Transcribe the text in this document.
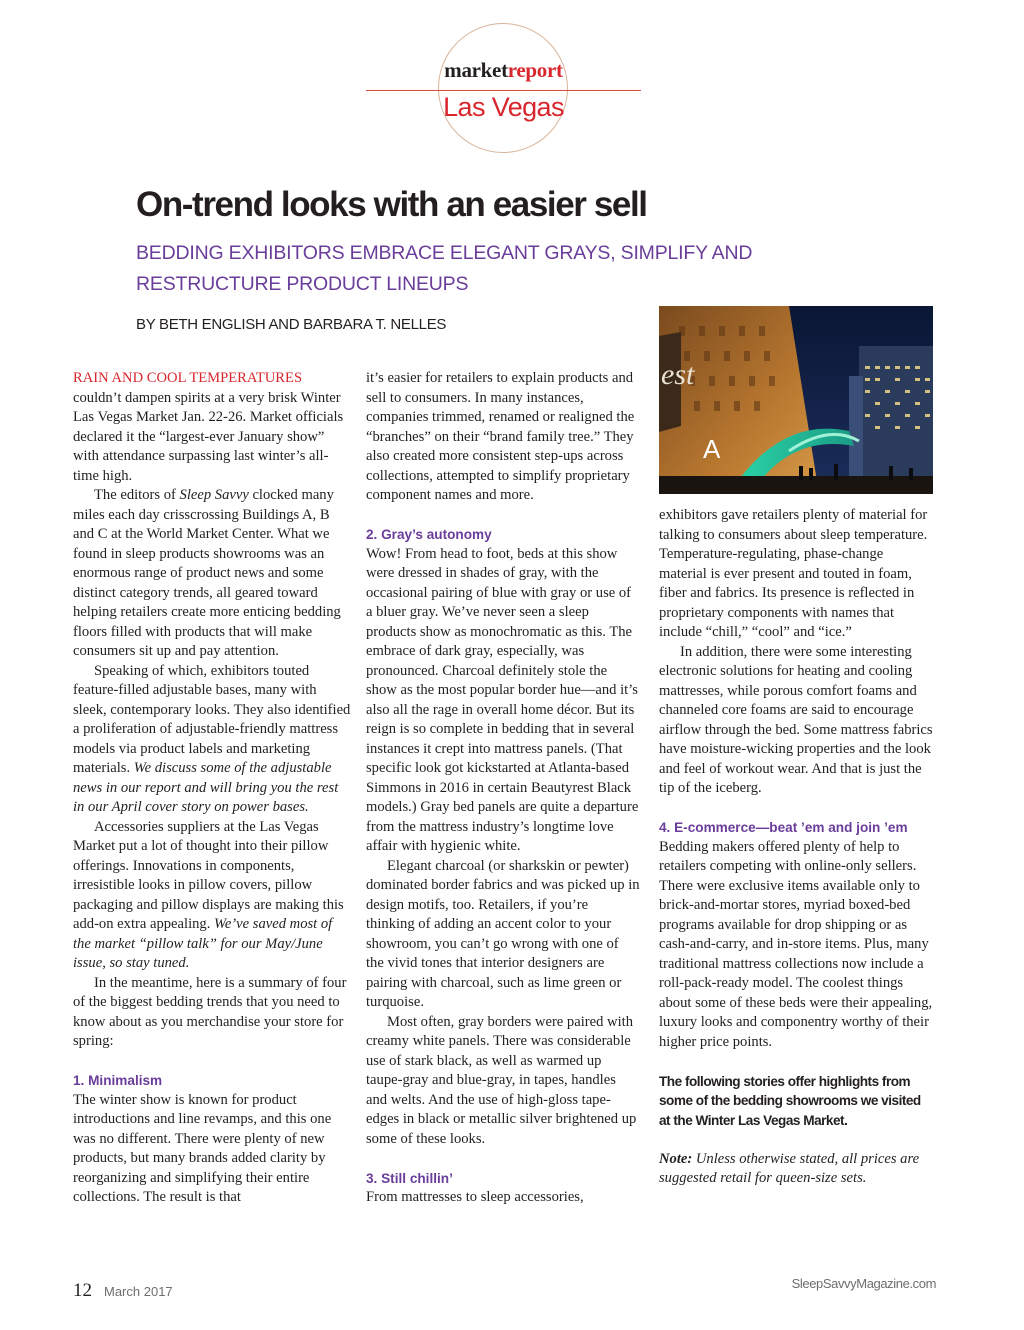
marketreport
Las Vegas
On-trend looks with an easier sell
BEDDING EXHIBITORS EMBRACE ELEGANT GRAYS, SIMPLIFY AND RESTRUCTURE PRODUCT LINEUPS
BY BETH ENGLISH AND BARBARA T. NELLES
est
A

RAIN AND COOL TEMPERATURES couldn’t dampen spirits at a very brisk Winter Las Vegas Market Jan. 22-26. Market officials declared it the “largest-ever January show” with attendance surpassing last winter’s all-time high.

The editors of Sleep Savvy clocked many miles each day crisscrossing Buildings A, B and C at the World Market Center. What we found in sleep products showrooms was an enormous range of product news and some distinct category trends, all geared toward helping retailers create more enticing bedding floors filled with products that will make consumers sit up and pay attention.

Speaking of which, exhibitors touted feature-filled adjustable bases, many with sleek, contemporary looks. They also identified a proliferation of adjustable-friendly mattress models via product labels and marketing materials. We discuss some of the adjustable news in our report and will bring you the rest in our April cover story on power bases.

Accessories suppliers at the Las Vegas Market put a lot of thought into their pillow offerings. Innovations in components, irresistible looks in pillow covers, pillow packaging and pillow displays are making this add-on extra appealing. We’ve saved most of the market “pillow talk” for our May/June issue, so stay tuned.

In the meantime, here is a summary of four of the biggest bedding trends that you need to know about as you merchandise your store for spring:

1. Minimalism

The winter show is known for product introductions and line revamps, and this one was no different. There were plenty of new products, but many brands added clarity by reorganizing and simplifying their entire collections. The result is that

it’s easier for retailers to explain products and sell to consumers. In many instances, companies trimmed, renamed or realigned the “branches” on their “brand family tree.” They also created more consistent step-ups across collections, attempted to simplify proprietary component names and more.

2. Gray’s autonomy

Wow! From head to foot, beds at this show were dressed in shades of gray, with the occasional pairing of blue with gray or use of a bluer gray. We’ve never seen a sleep products show as monochromatic as this. The embrace of dark gray, especially, was pronounced. Charcoal definitely stole the show as the most popular border hue—and it’s also all the rage in overall home décor. But its reign is so complete in bedding that in several instances it crept into mattress panels. (That specific look got kickstarted at Atlanta-based Simmons in 2016 in certain Beautyrest Black models.) Gray bed panels are quite a departure from the mattress industry’s longtime love affair with hygienic white.

Elegant charcoal (or sharkskin or pewter) dominated border fabrics and was picked up in design motifs, too. Retailers, if you’re thinking of adding an accent color to your showroom, you can’t go wrong with one of the vivid tones that interior designers are pairing with charcoal, such as lime green or turquoise.

Most often, gray borders were paired with creamy white panels. There was considerable use of stark black, as well as warmed up taupe-gray and blue-gray, in tapes, handles and welts. And the use of high-gloss tape-edges in black or metallic silver brightened up some of these looks.

3. Still chillin’

From mattresses to sleep accessories,

exhibitors gave retailers plenty of material for talking to consumers about sleep temperature. Temperature-regulating, phase-change material is ever present and touted in foam, fiber and fabrics. Its presence is reflected in proprietary components with names that include “chill,” “cool” and “ice.”

In addition, there were some interesting electronic solutions for heating and cooling mattresses, while porous comfort foams and channeled core foams are said to encourage airflow through the bed. Some mattress fabrics have moisture-wicking properties and the look and feel of workout wear. And that is just the tip of the iceberg.

4. E-commerce—beat ’em and join ’em

Bedding makers offered plenty of help to retailers competing with online-only sellers. There were exclusive items available only to brick-and-mortar stores, myriad boxed-bed programs available for drop shipping or as cash-and-carry, and in-store items. Plus, many traditional mattress collections now include a roll-pack-ready model. The coolest things about some of these beds were their appealing, luxury looks and componentry worthy of their higher price points.

The following stories offer highlights from some of the bedding showrooms we visited at the Winter Las Vegas Market.

Note: Unless otherwise stated, all prices are suggested retail for queen-size sets.

12 March 2017
SleepSavvyMagazine.com
